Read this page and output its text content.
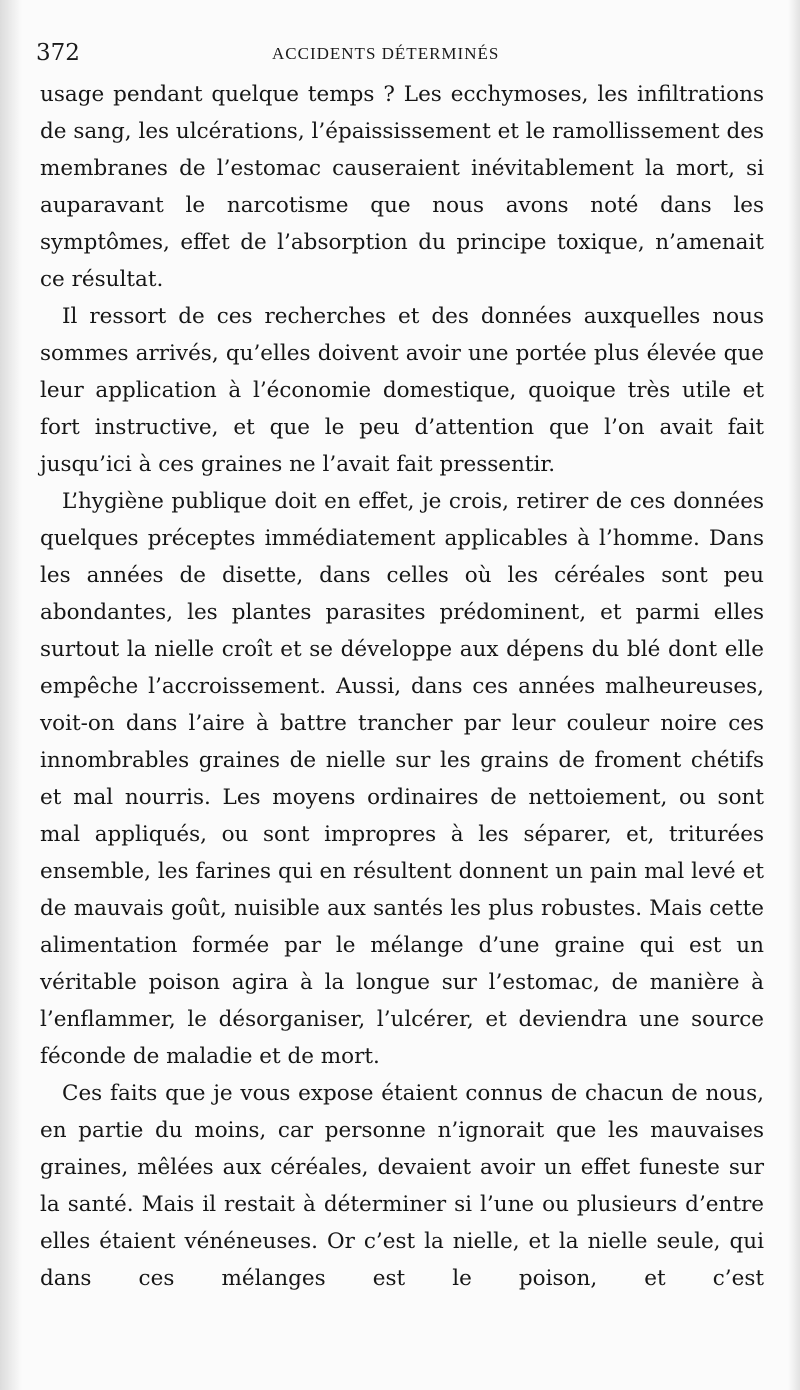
372	ACCIDENTS DÉTERMINÉS

usage pendant quelque temps ? Les ecchymoses, les infiltrations de sang, les ulcérations, l’épaississement et le ramollissement des membranes de l’estomac causeraient inévitablement la mort, si auparavant le narcotisme que nous avons noté dans les symptômes, effet de l’absorption du principe toxique, n’amenait ce résultat.

Il ressort de ces recherches et des données auxquelles nous sommes arrivés, qu’elles doivent avoir une portée plus élevée que leur application à l’économie domestique, quoique très utile et fort instructive, et que le peu d’attention que l’on avait fait jusqu’ici à ces graines ne l’avait fait pressentir.

L’hygiène publique doit en effet, je crois, retirer de ces données quelques préceptes immédiatement applicables à l’homme. Dans les années de disette, dans celles où les céréales sont peu abondantes, les plantes parasites prédominent, et parmi elles surtout la nielle croît et se développe aux dépens du blé dont elle empêche l’accroissement. Aussi, dans ces années malheureuses, voit-on dans l’aire à battre trancher par leur couleur noire ces innombrables graines de nielle sur les grains de froment chétifs et mal nourris. Les moyens ordinaires de nettoiement, ou sont mal appliqués, ou sont impropres à les séparer, et, triturées ensemble, les farines qui en résultent donnent un pain mal levé et de mauvais goût, nuisible aux santés les plus robustes. Mais cette alimentation formée par le mélange d’une graine qui est un véritable poison agira à la longue sur l’estomac, de manière à l’enflammer, le désorganiser, l’ulcérer, et deviendra une source féconde de maladie et de mort.

Ces faits que je vous expose étaient connus de chacun de nous, en partie du moins, car personne n’ignorait que les mauvaises graines, mêlées aux céréales, devaient avoir un effet funeste sur la santé. Mais il restait à déterminer si l’une ou plusieurs d’entre elles étaient vénéneuses. Or c’est la nielle, et la nielle seule, qui dans ces mélanges est le poison, et c’est
